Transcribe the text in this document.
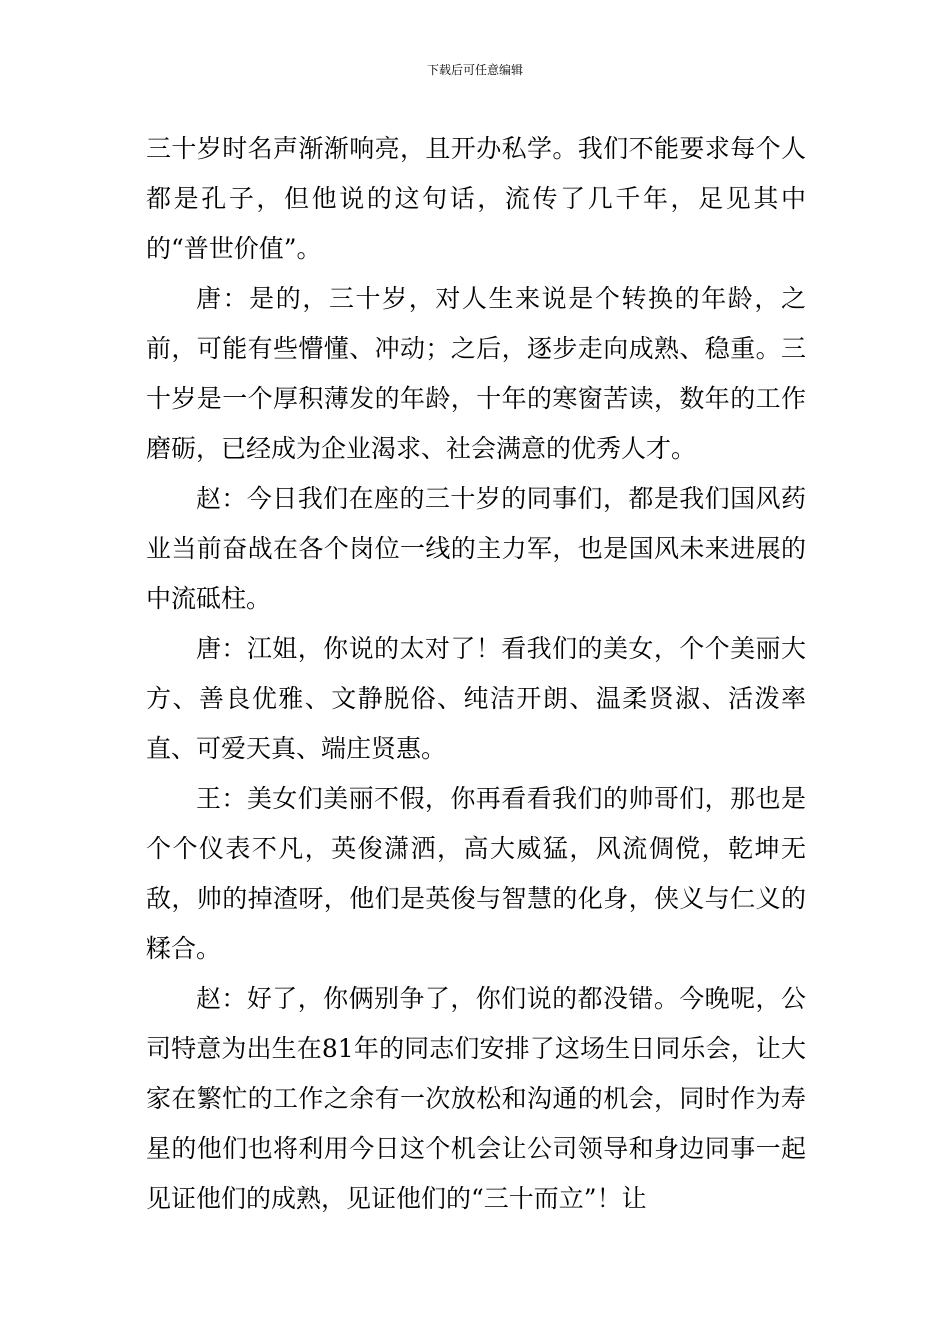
下载后可任意编辑

三十岁时名声渐渐响亮，且开办私学。我们不能要求每个人都是孔子，但他说的这句话，流传了几千年，足见其中的“普世价值”。

唐：是的，三十岁，对人生来说是个转换的年龄，之前，可能有些懵懂、冲动；之后，逐步走向成熟、稳重。三十岁是一个厚积薄发的年龄，十年的寒窗苦读，数年的工作磨砺，已经成为企业渴求、社会满意的优秀人才。

赵：今日我们在座的三十岁的同事们，都是我们国风药业当前奋战在各个岗位一线的主力军，也是国风未来进展的中流砥柱。

唐：江姐，你说的太对了！看我们的美女，个个美丽大方、善良优雅、文静脱俗、纯洁开朗、温柔贤淑、活泼率直、可爱天真、端庄贤惠。

王：美女们美丽不假，你再看看我们的帅哥们，那也是个个仪表不凡，英俊潇洒，高大威猛，风流倜傥，乾坤无敌，帅的掉渣呀，他们是英俊与智慧的化身，侠义与仁义的糅合。

赵：好了，你俩别争了，你们说的都没错。今晚呢，公司特意为出生在81年的同志们安排了这场生日同乐会，让大家在繁忙的工作之余有一次放松和沟通的机会，同时作为寿星的他们也将利用今日这个机会让公司领导和身边同事一起见证他们的成熟，见证他们的“三十而立”！让
